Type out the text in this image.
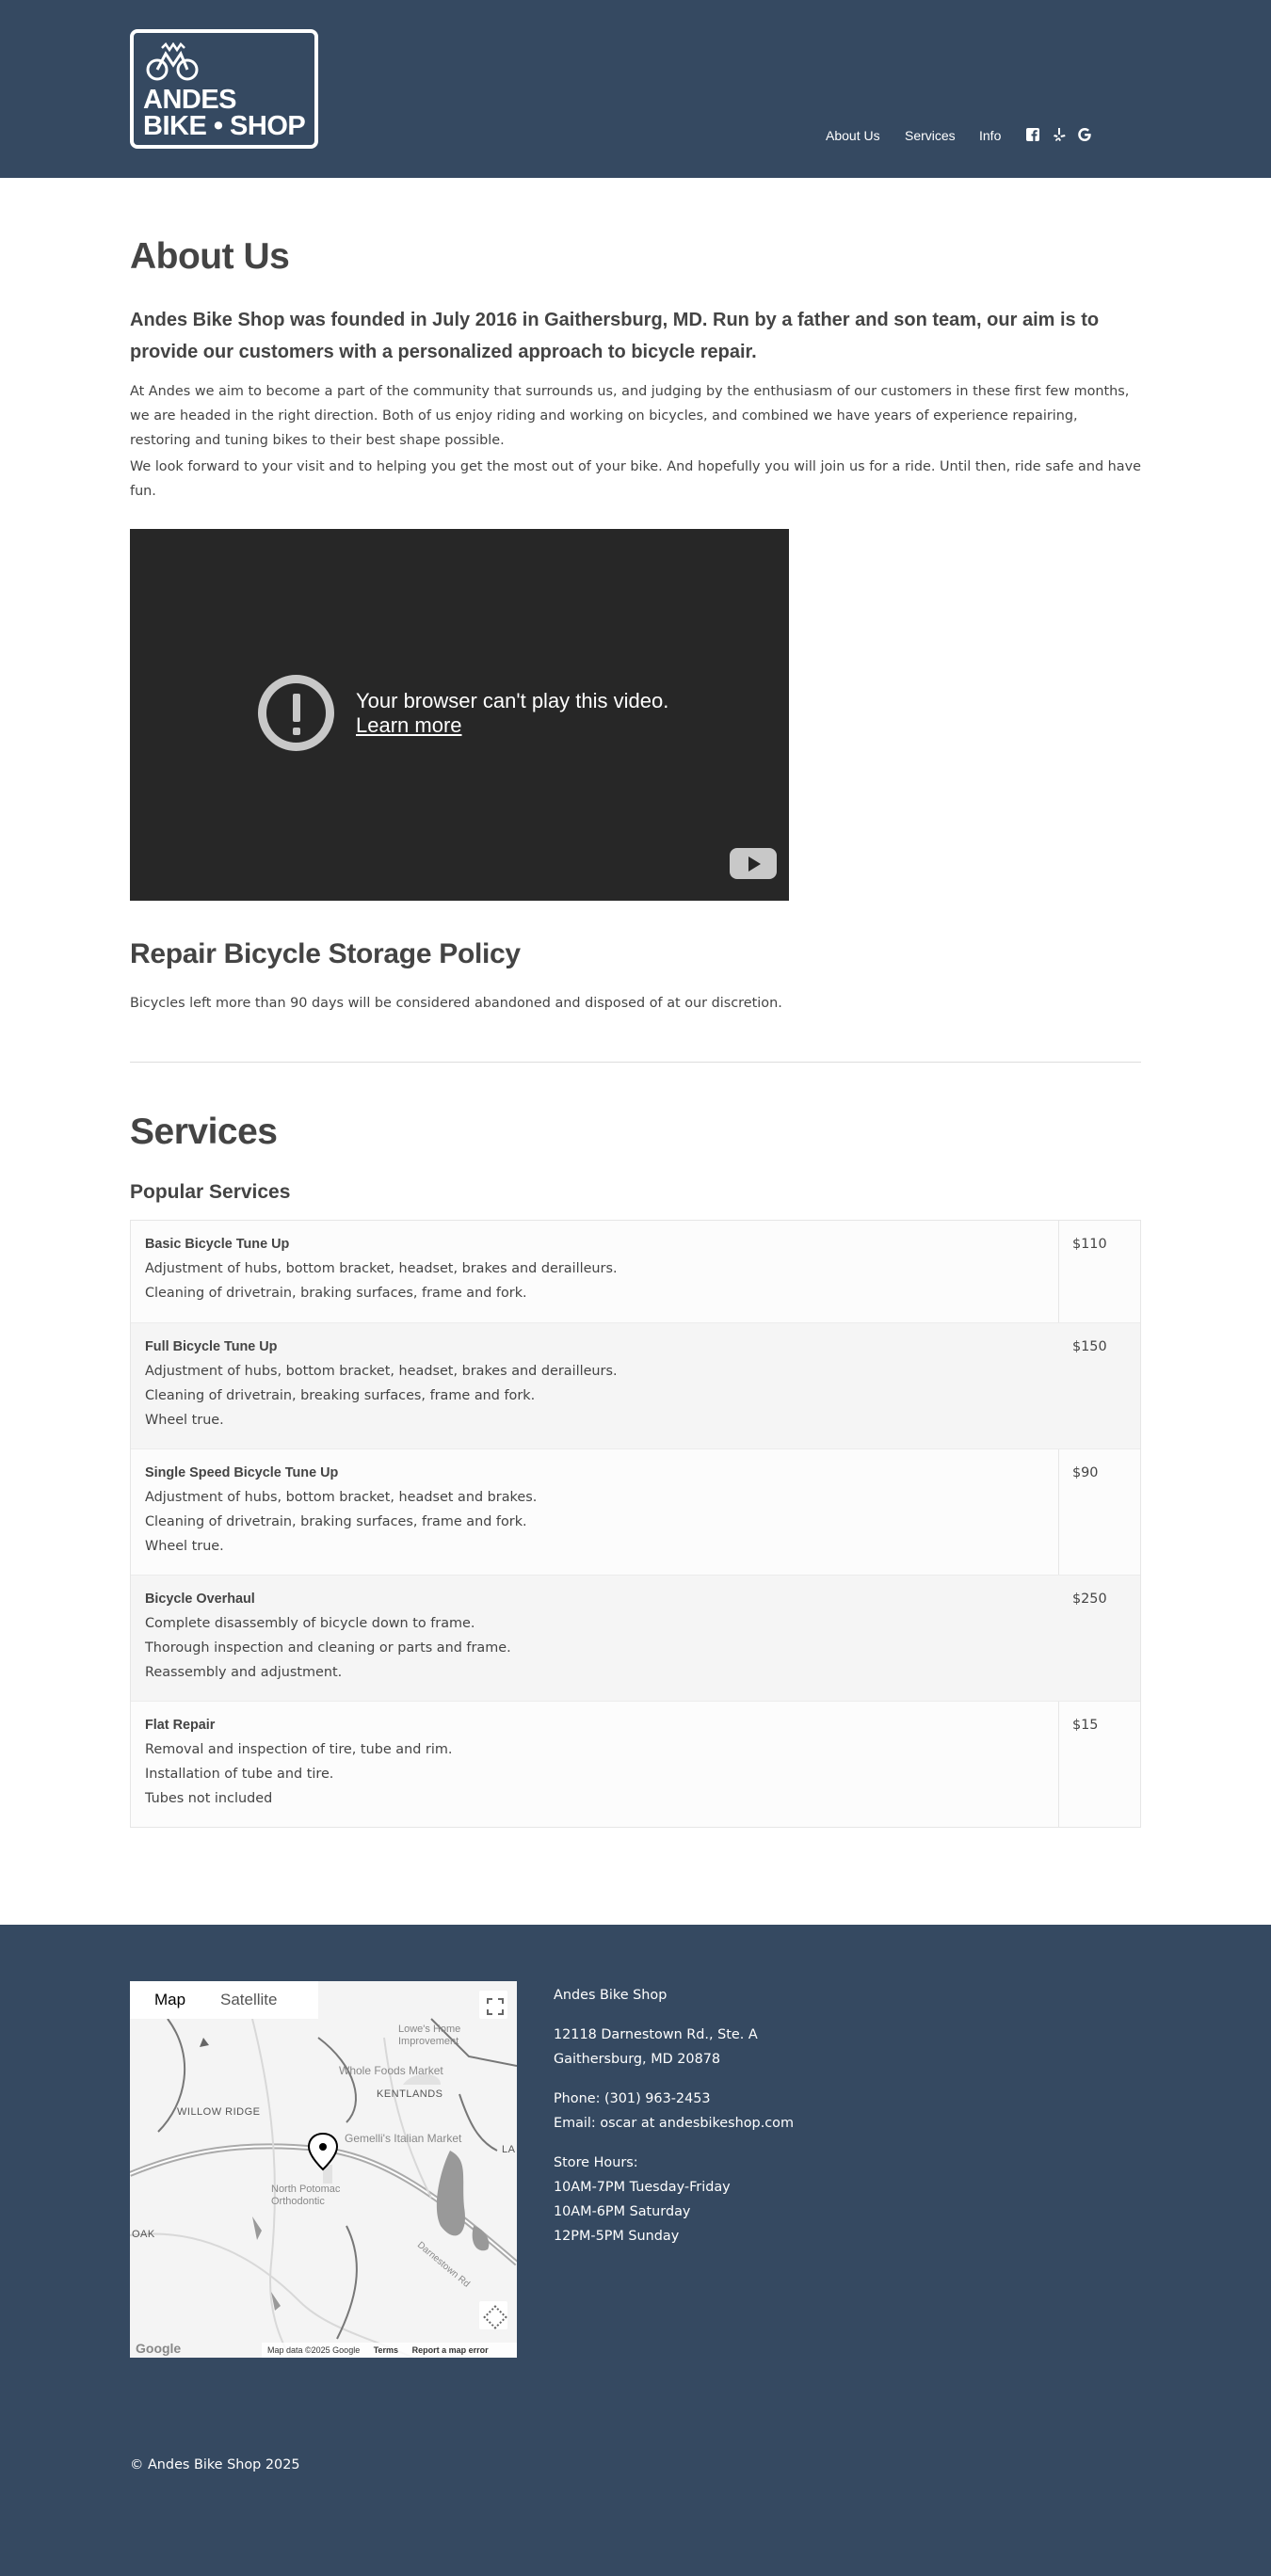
ANDES
BIKE • SHOP	About Us Services Info
About Us
Andes Bike Shop was founded in July 2016 in Gaithersburg, MD. Run by a father and son team, our aim is to provide our customers with a personalized approach to bicycle repair.
At Andes we aim to become a part of the community that surrounds us, and judging by the enthusiasm of our customers in these first few months, we are headed in the right direction. Both of us enjoy riding and working on bicycles, and combined we have years of experience repairing, restoring and tuning bikes to their best shape possible.
We look forward to your visit and to helping you get the most out of your bike. And hopefully you will join us for a ride. Until then, ride safe and have fun.
Your browser can't play this video.
Learn more
Repair Bicycle Storage Policy
Bicycles left more than 90 days will be considered abandoned and disposed of at our discretion.
Services
Popular Services
Basic Bicycle Tune Up
Adjustment of hubs, bottom bracket, headset, brakes and derailleurs.
Cleaning of drivetrain, braking surfaces, frame and fork.
$110
Full Bicycle Tune Up
Adjustment of hubs, bottom bracket, headset, brakes and derailleurs.
Cleaning of drivetrain, breaking surfaces, frame and fork.
Wheel true.
$150
Single Speed Bicycle Tune Up
Adjustment of hubs, bottom bracket, headset and brakes.
Cleaning of drivetrain, braking surfaces, frame and fork.
Wheel true.
$90
Bicycle Overhaul
Complete disassembly of bicycle down to frame.
Thorough inspection and cleaning or parts and frame.
Reassembly and adjustment.
$250
Flat Repair
Removal and inspection of tire, tube and rim.
Installation of tube and tire.
Tubes not included
$15
Map Satellite
WILLOW RIDGE
KENTLANDS
OAK
LA
Lowe's Home Improvement
Whole Foods Market
Gemelli's Italian Market
North Potomac Orthodontic
Darnestown Rd
Google	Map data ©2025 Google Terms Report a map error
Andes Bike Shop
12118 Darnestown Rd., Ste. A
Gaithersburg, MD 20878
Phone: (301) 963-2453
Email: oscar at andesbikeshop.com
Store Hours:
10AM-7PM Tuesday-Friday
10AM-6PM Saturday
12PM-5PM Sunday
© Andes Bike Shop 2025
